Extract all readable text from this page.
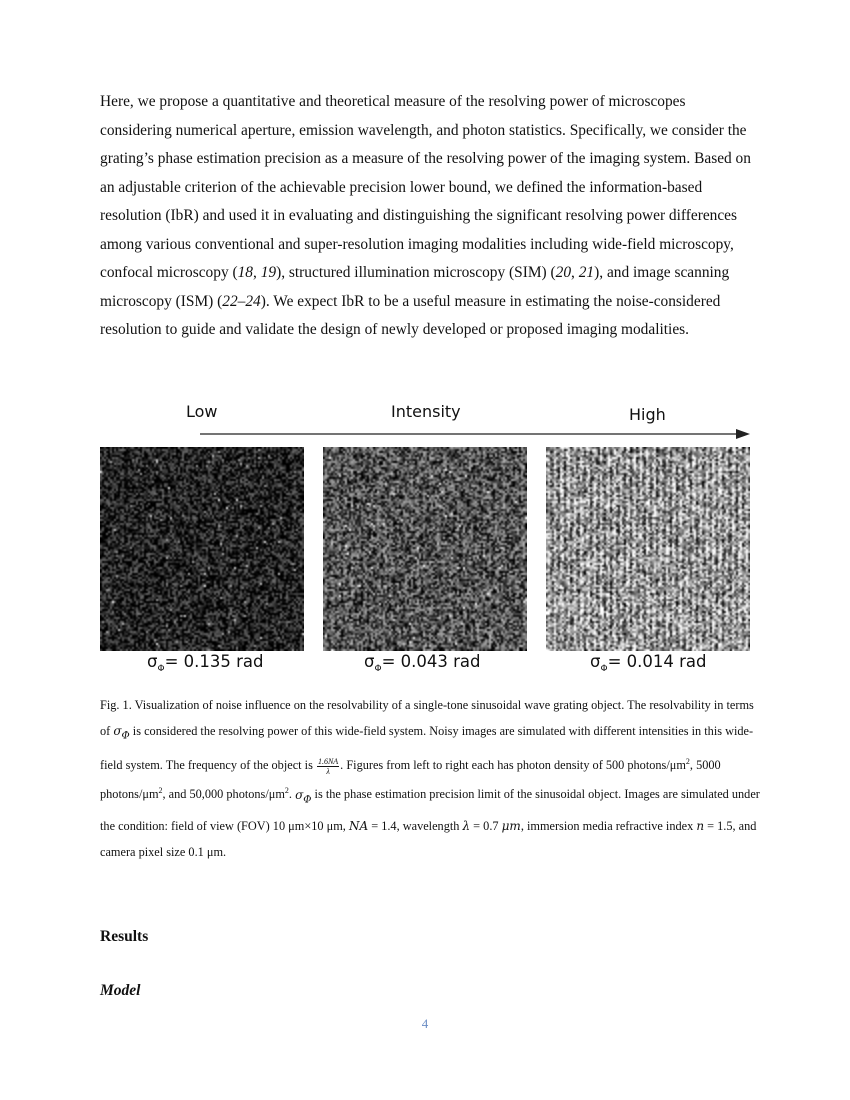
Here, we propose a quantitative and theoretical measure of the resolving power of microscopes considering numerical aperture, emission wavelength, and photon statistics. Specifically, we consider the grating’s phase estimation precision as a measure of the resolving power of the imaging system. Based on an adjustable criterion of the achievable precision lower bound, we defined the information-based resolution (IbR) and used it in evaluating and distinguishing the significant resolving power differences among various conventional and super-resolution imaging modalities including wide-field microscopy, confocal microscopy (18, 19), structured illumination microscopy (SIM) (20, 21), and image scanning microscopy (ISM) (22–24). We expect IbR to be a useful measure in estimating the noise-considered resolution to guide and validate the design of newly developed or proposed imaging modalities.

Low	Intensity	High
$\sigma_\Phi= 0.135$ rad	$\sigma_\Phi= 0.043$ rad	$\sigma_\Phi= 0.014$ rad

Fig. 1. Visualization of noise influence on the resolvability of a single-tone sinusoidal wave grating object. The resolvability in terms of $\sigma_\Phi$ is considered the resolving power of this wide-field system. Noisy images are simulated with different intensities in this wide-field system. The frequency of the object is $\frac{1.6NA}{\lambda}$ . Figures from left to right each has photon density of 500 photons/$\mu m^2$, 5000 photons/$\mu m^2$, and 50,000 photons/$\mu m^2$. $\sigma_\Phi$ is the phase estimation precision limit of the sinusoidal object. Images are simulated under the condition: field of view (FOV) 10 μm×10 μm, NA = 1.4, wavelength λ = 0.7 μm, immersion media refractive index n = 1.5, and camera pixel size 0.1 μm.

Results
Model
4
